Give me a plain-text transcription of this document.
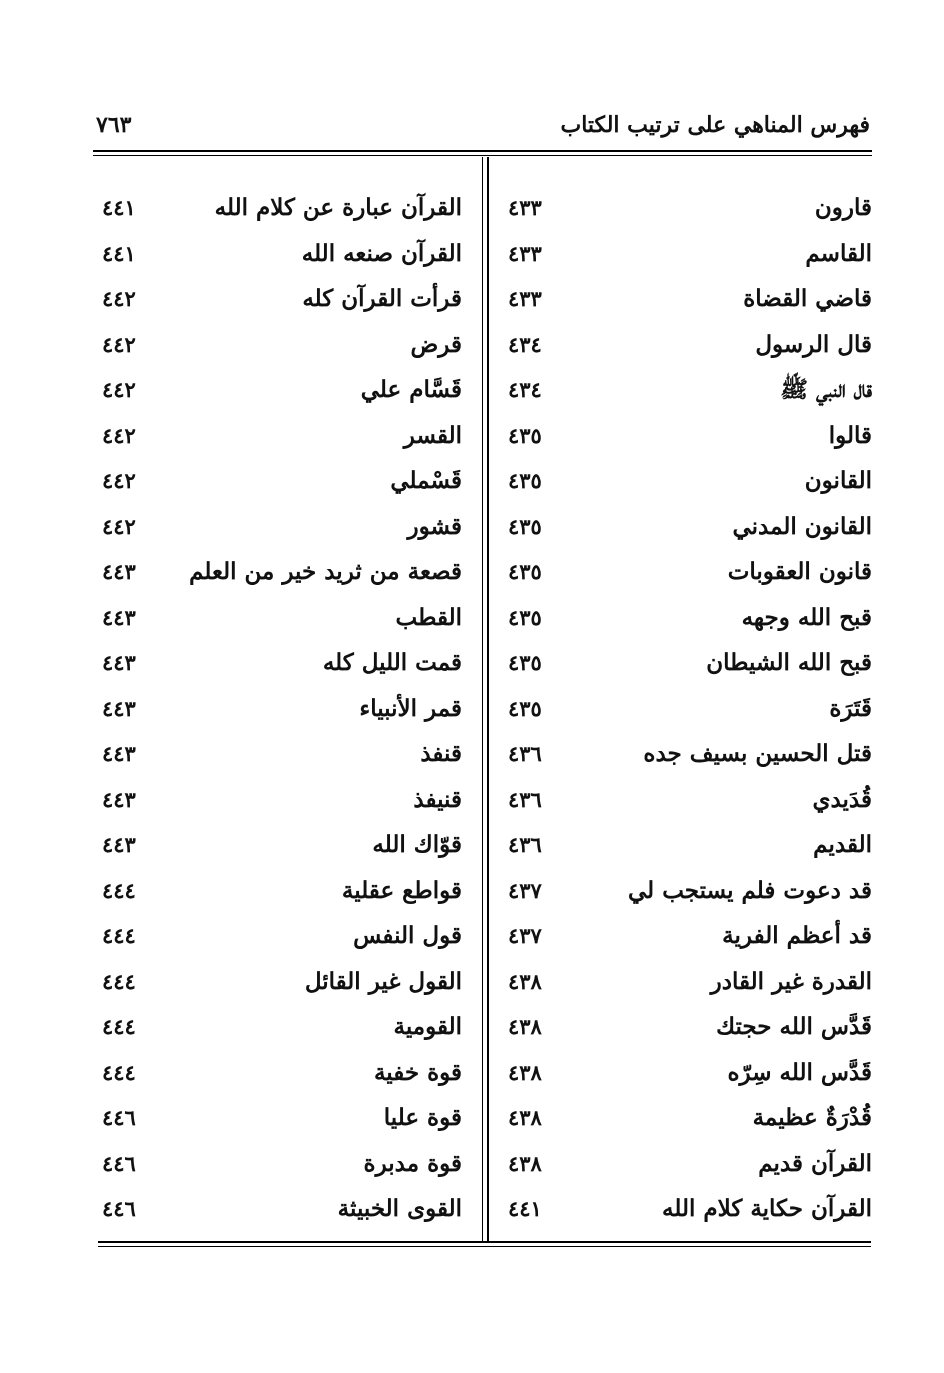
فهرس المناهي على ترتيب الكتاب
٧٦٣
قارون
٤٣٣
القاسم
٤٣٣
قاضي القضاة
٤٣٣
قال الرسول
٤٣٤
قال النبي ﷺ
٤٣٤
قالوا
٤٣٥
القانون
٤٣٥
القانون المدني
٤٣٥
قانون العقوبات
٤٣٥
قبح الله وجهه
٤٣٥
قبح الله الشيطان
٤٣٥
قَتَرَة
٤٣٥
قتل الحسين بسيف جده
٤٣٦
قُدَيدي
٤٣٦
القديم
٤٣٦
قد دعوت فلم يستجب لي
٤٣٧
قد أعظم الفرية
٤٣٧
القدرة غير القادر
٤٣٨
قَدَّس الله حجتك
٤٣٨
قَدَّس الله سِرّه
٤٣٨
قُدْرَةٌ عظيمة
٤٣٨
القرآن قديم
٤٣٨
القرآن حكاية كلام الله
٤٤١
القرآن عبارة عن كلام الله
٤٤١
القرآن صنعه الله
٤٤١
قرأت القرآن كله
٤٤٢
قرض
٤٤٢
قَسَّام علي
٤٤٢
القسر
٤٤٢
قَسْملي
٤٤٢
قشور
٤٤٢
قصعة من ثريد خير من العلم
٤٤٣
القطب
٤٤٣
قمت الليل كله
٤٤٣
قمر الأنبياء
٤٤٣
قنفذ
٤٤٣
قنيفذ
٤٤٣
قوّاك الله
٤٤٣
قواطع عقلية
٤٤٤
قول النفس
٤٤٤
القول غير القائل
٤٤٤
القومية
٤٤٤
قوة خفية
٤٤٤
قوة عليا
٤٤٦
قوة مدبرة
٤٤٦
القوى الخبيثة
٤٤٦
